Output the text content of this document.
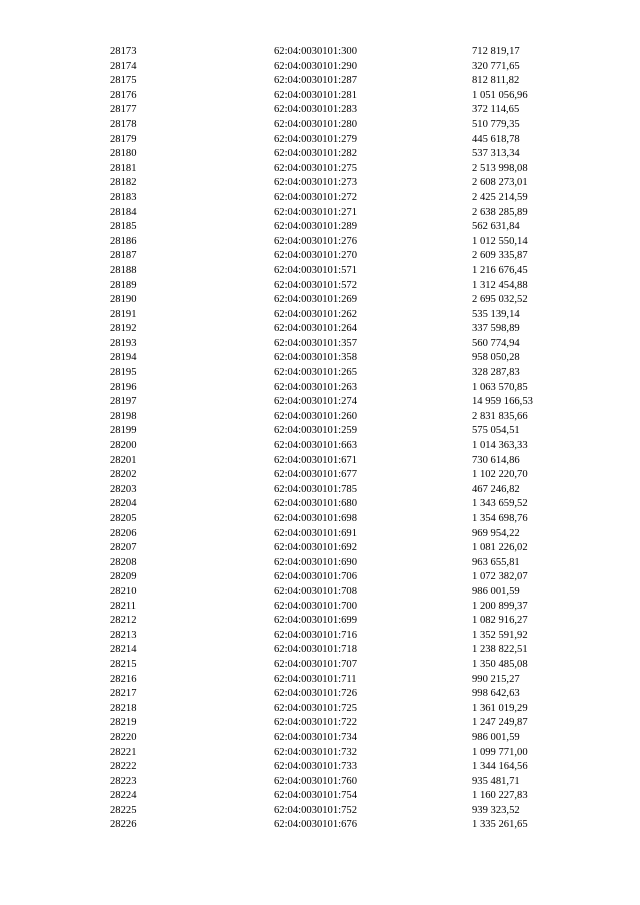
28173	62:04:0030101:300	712 819,17
28174	62:04:0030101:290	320 771,65
28175	62:04:0030101:287	812 811,82
28176	62:04:0030101:281	1 051 056,96
28177	62:04:0030101:283	372 114,65
28178	62:04:0030101:280	510 779,35
28179	62:04:0030101:279	445 618,78
28180	62:04:0030101:282	537 313,34
28181	62:04:0030101:275	2 513 998,08
28182	62:04:0030101:273	2 608 273,01
28183	62:04:0030101:272	2 425 214,59
28184	62:04:0030101:271	2 638 285,89
28185	62:04:0030101:289	562 631,84
28186	62:04:0030101:276	1 012 550,14
28187	62:04:0030101:270	2 609 335,87
28188	62:04:0030101:571	1 216 676,45
28189	62:04:0030101:572	1 312 454,88
28190	62:04:0030101:269	2 695 032,52
28191	62:04:0030101:262	535 139,14
28192	62:04:0030101:264	337 598,89
28193	62:04:0030101:357	560 774,94
28194	62:04:0030101:358	958 050,28
28195	62:04:0030101:265	328 287,83
28196	62:04:0030101:263	1 063 570,85
28197	62:04:0030101:274	14 959 166,53
28198	62:04:0030101:260	2 831 835,66
28199	62:04:0030101:259	575 054,51
28200	62:04:0030101:663	1 014 363,33
28201	62:04:0030101:671	730 614,86
28202	62:04:0030101:677	1 102 220,70
28203	62:04:0030101:785	467 246,82
28204	62:04:0030101:680	1 343 659,52
28205	62:04:0030101:698	1 354 698,76
28206	62:04:0030101:691	969 954,22
28207	62:04:0030101:692	1 081 226,02
28208	62:04:0030101:690	963 655,81
28209	62:04:0030101:706	1 072 382,07
28210	62:04:0030101:708	986 001,59
28211	62:04:0030101:700	1 200 899,37
28212	62:04:0030101:699	1 082 916,27
28213	62:04:0030101:716	1 352 591,92
28214	62:04:0030101:718	1 238 822,51
28215	62:04:0030101:707	1 350 485,08
28216	62:04:0030101:711	990 215,27
28217	62:04:0030101:726	998 642,63
28218	62:04:0030101:725	1 361 019,29
28219	62:04:0030101:722	1 247 249,87
28220	62:04:0030101:734	986 001,59
28221	62:04:0030101:732	1 099 771,00
28222	62:04:0030101:733	1 344 164,56
28223	62:04:0030101:760	935 481,71
28224	62:04:0030101:754	1 160 227,83
28225	62:04:0030101:752	939 323,52
28226	62:04:0030101:676	1 335 261,65
